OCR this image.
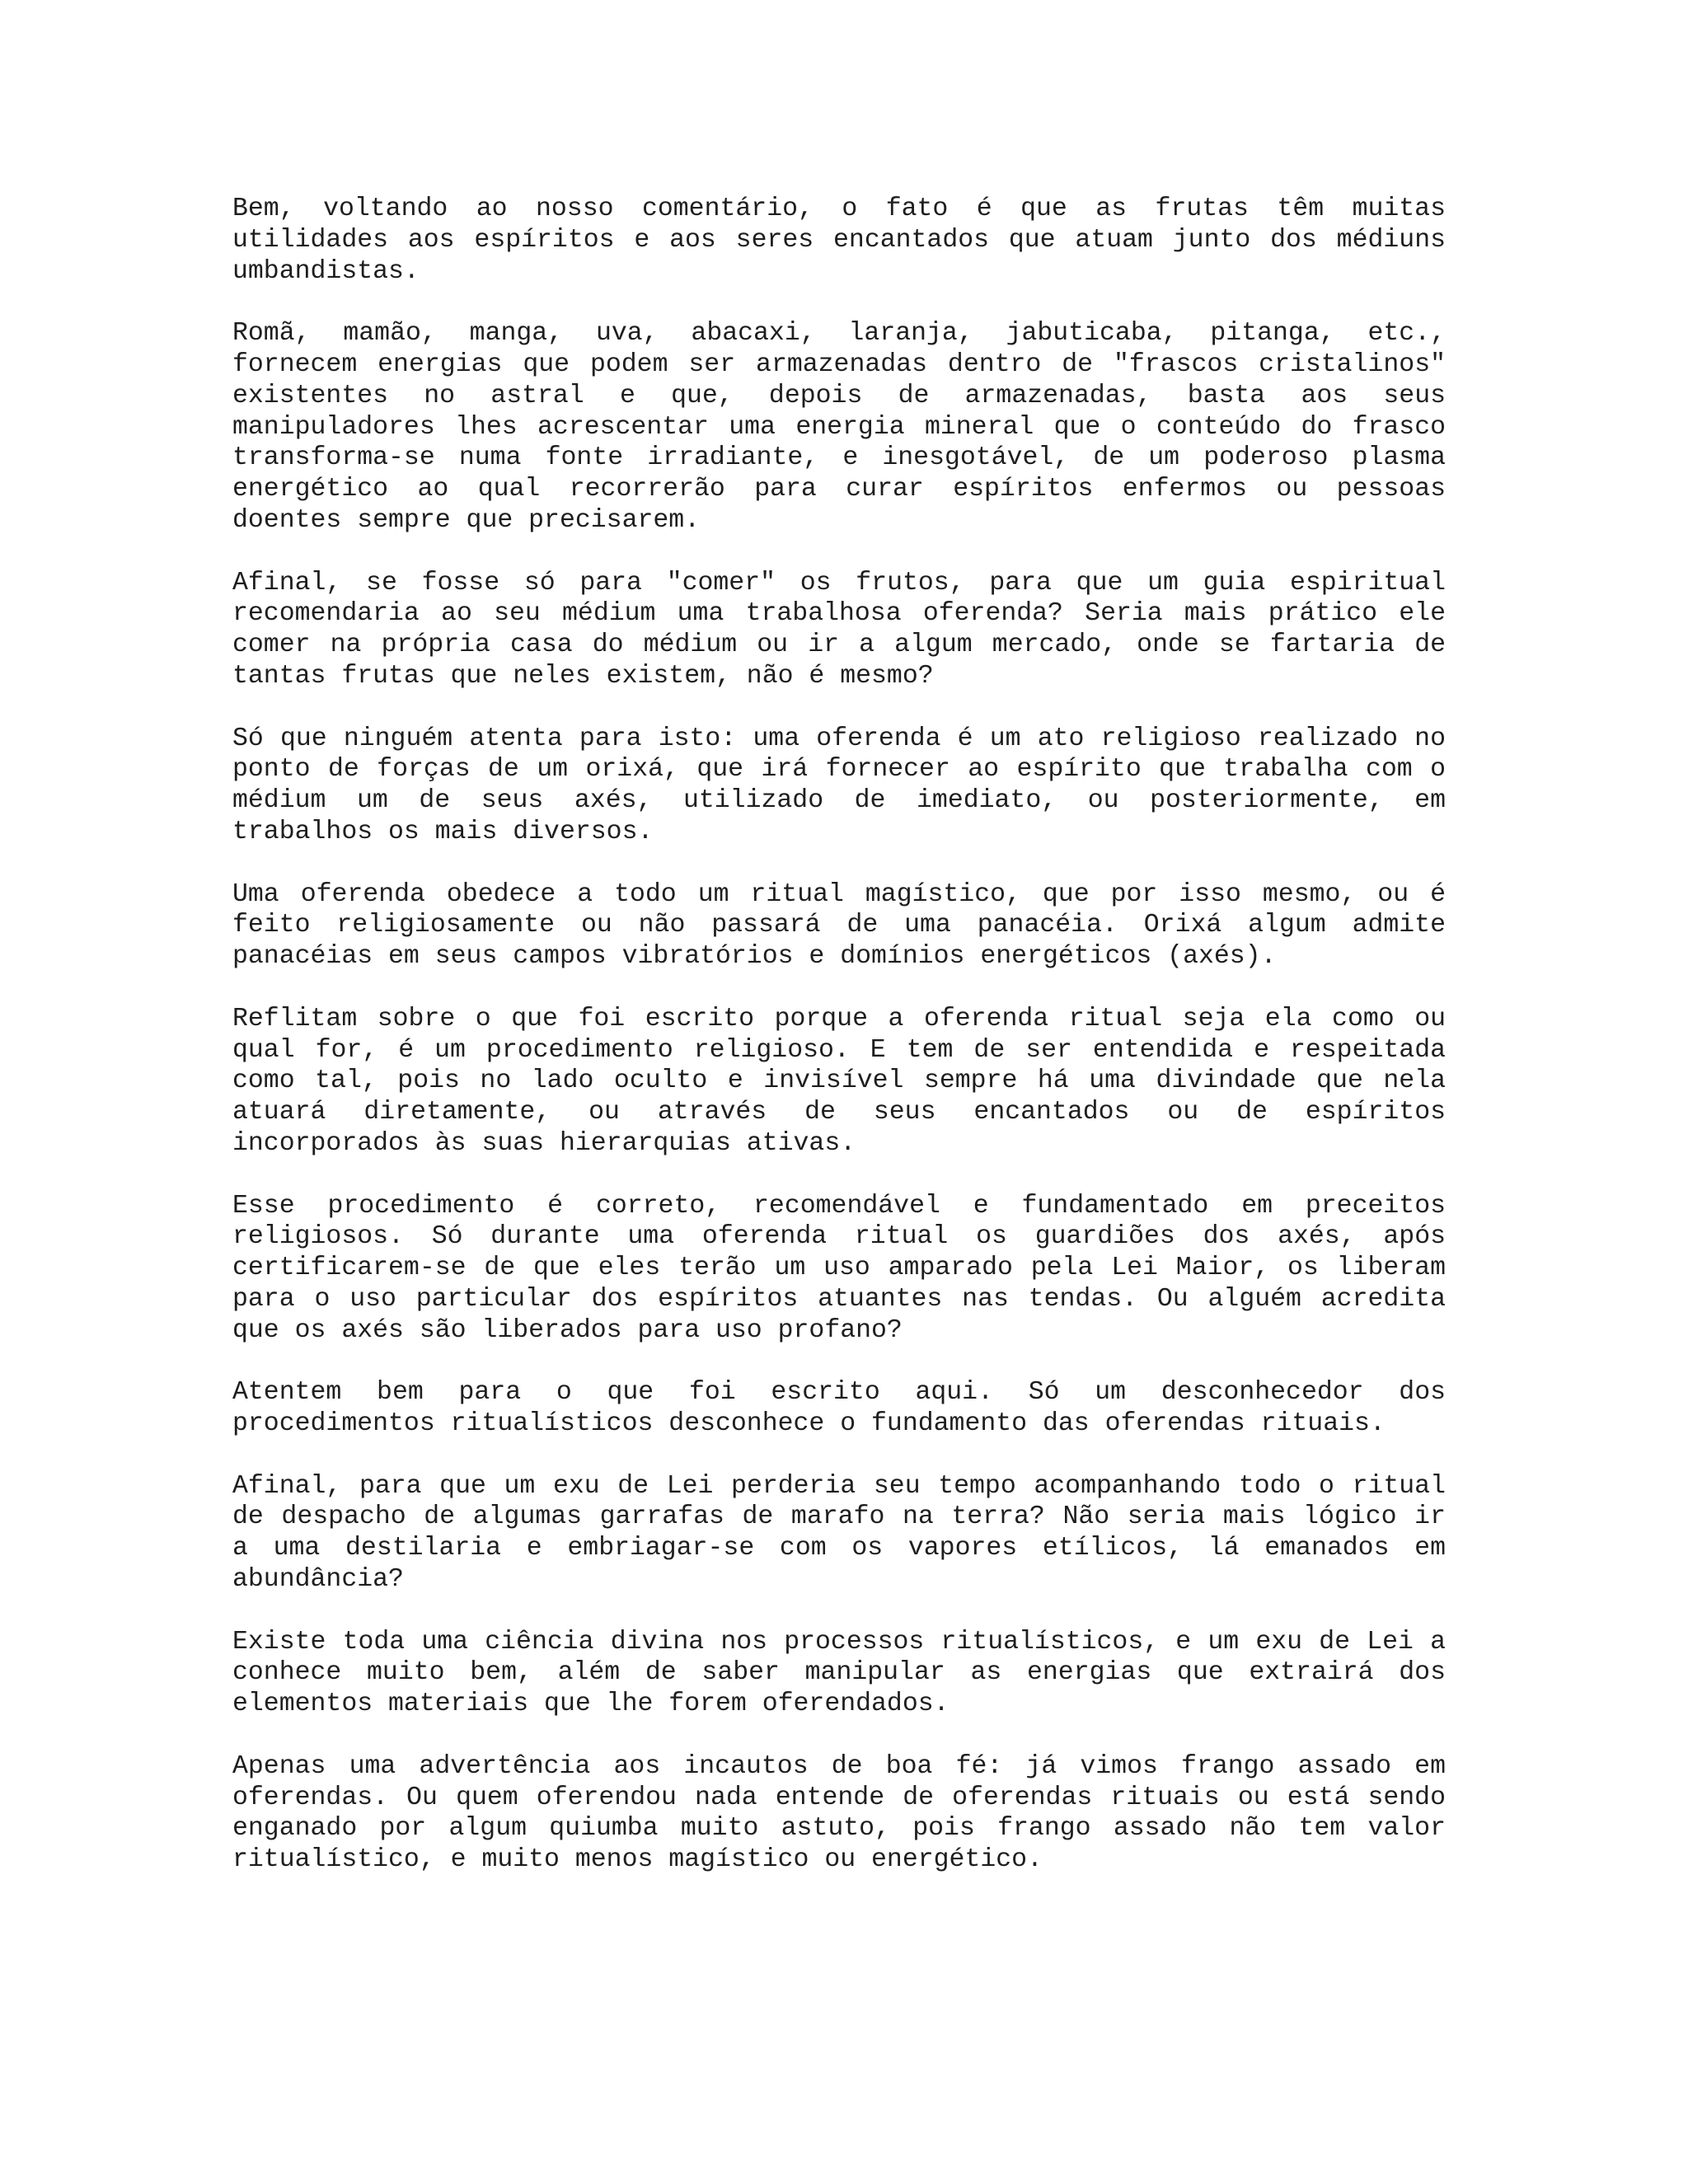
Bem, voltando ao nosso comentário, o fato é que as frutas têm muitas utilidades aos espíritos e aos seres encantados que atuam junto dos médiuns umbandistas.

Romã, mamão, manga, uva, abacaxi, laranja, jabuticaba, pitanga, etc., fornecem energias que podem ser armazenadas dentro de "frascos cristalinos" existentes no astral e que, depois de armazenadas, basta aos seus manipuladores lhes acrescentar uma energia mineral que o conteúdo do frasco transforma-se numa fonte irradiante, e inesgotável, de um poderoso plasma energético ao qual recorrerão para curar espíritos enfermos ou pessoas doentes sempre que precisarem.

Afinal, se fosse só para "comer" os frutos, para que um guia espiritual recomendaria ao seu médium uma trabalhosa oferenda? Seria mais prático ele comer na própria casa do médium ou ir a algum mercado, onde se fartaria de tantas frutas que neles existem, não é mesmo?

Só que ninguém atenta para isto: uma oferenda é um ato religioso realizado no ponto de forças de um orixá, que irá fornecer ao espírito que trabalha com o médium um de seus axés, utilizado de imediato, ou posteriormente, em trabalhos os mais diversos.

Uma oferenda obedece a todo um ritual magístico, que por isso mesmo, ou é feito religiosamente ou não passará de uma panacéia. Orixá algum admite panacéias em seus campos vibratórios e domínios energéticos (axés).

Reflitam sobre o que foi escrito porque a oferenda ritual seja ela como ou qual for, é um procedimento religioso. E tem de ser entendida e respeitada como tal, pois no lado oculto e invisível sempre há uma divindade que nela atuará diretamente, ou através de seus encantados ou de espíritos incorporados às suas hierarquias ativas.

Esse procedimento é correto, recomendável e fundamentado em preceitos religiosos. Só durante uma oferenda ritual os guardiões dos axés, após certificarem-se de que eles terão um uso amparado pela Lei Maior, os liberam para o uso particular dos espíritos atuantes nas tendas. Ou alguém acredita que os axés são liberados para uso profano?

Atentem bem para o que foi escrito aqui. Só um desconhecedor dos procedimentos ritualísticos desconhece o fundamento das oferendas rituais.

Afinal, para que um exu de Lei perderia seu tempo acompanhando todo o ritual de despacho de algumas garrafas de marafo na terra? Não seria mais lógico ir a uma destilaria e embriagar-se com os vapores etílicos, lá emanados em abundância?

Existe toda uma ciência divina nos processos ritualísticos, e um exu de Lei a conhece muito bem, além de saber manipular as energias que extrairá dos elementos materiais que lhe forem oferendados.

Apenas uma advertência aos incautos de boa fé: já vimos frango assado em oferendas. Ou quem oferendou nada entende de oferendas rituais ou está sendo enganado por algum quiumba muito astuto, pois frango assado não tem valor ritualístico, e muito menos magístico ou energético.
